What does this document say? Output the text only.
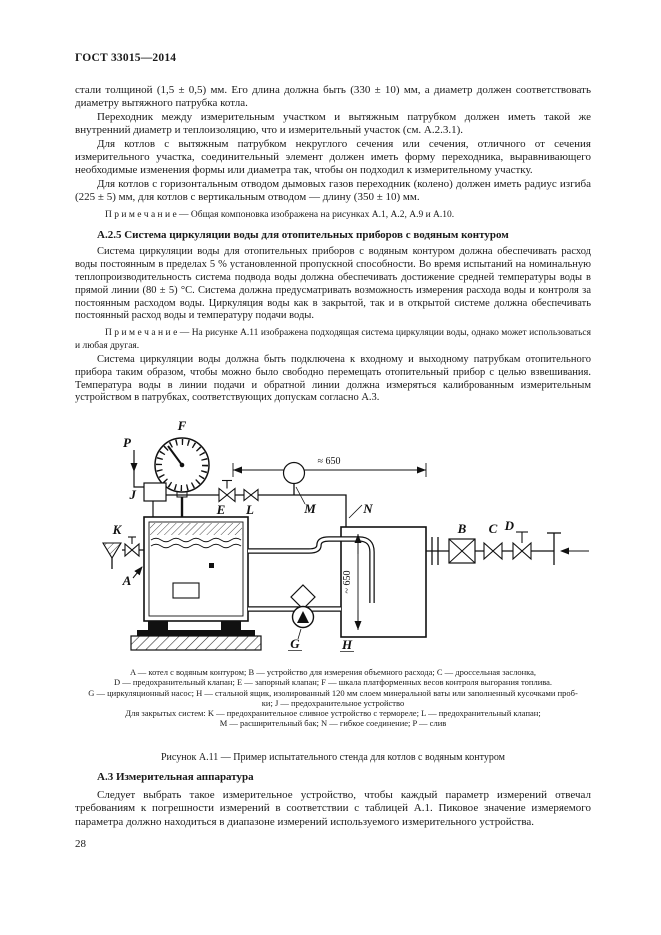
ГОСТ 33015—2014

стали толщиной (1,5 ± 0,5) мм. Его длина должна быть (330 ± 10) мм, а диаметр должен соответствовать диаметру вытяжного патрубка котла.

Переходник между измерительным участком и вытяжным патрубком должен иметь такой же внутренний диаметр и теплоизоляцию, что и измерительный участок (см. А.2.3.1).

Для котлов с вытяжным патрубком некруглого сечения или сечения, отличного от сечения измерительного участка, соединительный элемент должен иметь форму переходника, выравнивающего необходимые изменения формы или диаметра так, чтобы он подходил к измерительному участку.

Для котлов с горизонтальным отводом дымовых газов переходник (колено) должен иметь радиус изгиба (225 ± 5) мм, для котлов с вертикальным отводом — длину (350 ± 10) мм.

П р и м е ч а н и е — Общая компоновка изображена на рисунках А.1, А.2, А.9 и А.10.

А.2.5 Система циркуляции воды для отопительных приборов с водяным контуром

Система циркуляции воды для отопительных приборов с водяным контуром должна обеспечивать расход воды постоянным в пределах 5 % установленной пропускной способности. Во время испытаний на номинальную теплопроизводительность система подвода воды должна обеспечивать достижение средней температуры воды в прямой линии (80 ± 5) °С. Система должна предусматривать возможность измерения расхода воды и контроля за постоянным расходом воды. Циркуляция воды как в закрытой, так и в открытой системе должна обеспечивать постоянный расход воды и температуру подачи воды.

П р и м е ч а н и е — На рисунке А.11 изображена подходящая система циркуляции воды, однако может использоваться и любая другая.

Система циркуляции воды должна быть подключена к входному и выходному патрубкам отопительного прибора таким образом, чтобы можно было свободно перемещать отопительный прибор с целью взвешивания. Температура воды в линии подачи и обратной линии должна измеряться калиброванным измерительным устройством в патрубках, соответствующих допускам согласно А.3.

≈ 650
F
P
J
E L	M	N
A
K
~ 650
G	H
B C D
A — котел с водяным контуром; B — устройство для измерения объемного расхода; C — дроссельная заслонка,
D — предохранительный клапан; E — запорный клапан; F — шкала платформенных весов контроля выгорания топлива.
G — циркуляционный насос; H — стальной ящик, изолированный 120 мм слоем минеральной ваты или заполненный кусочками проб-
ки; J — предохранительное устройство
Для закрытых систем: K — предохранительное сливное устройство с термореле; L — предохранительный клапан;
M — расширительный бак; N — гибкое соединение; P — слив
Рисунок А.11 — Пример испытательного стенда для котлов с водяным контуром

А.3 Измерительная аппаратура

Следует выбрать такое измерительное устройство, чтобы каждый параметр измерений отвечал требованиям к погрешности измерений в соответствии с таблицей А.1. Пиковое значение измеряемого параметра должно находиться в диапазоне измерений используемого измерительного устройства.

28
